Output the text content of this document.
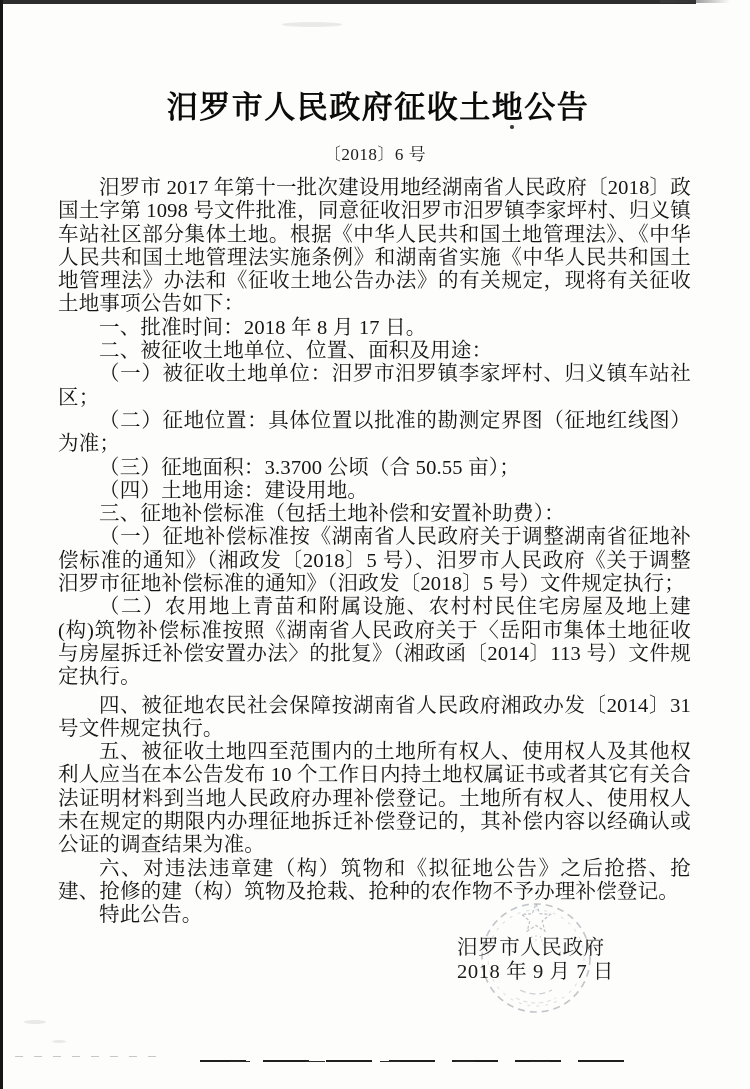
汨罗市人民政府征收土地公告
〔2018〕6 号

汨罗市 2017 年第十一批次建设用地经湖南省人民政府〔2018〕政国土字第 1098 号文件批准，同意征收汨罗市汨罗镇李家坪村、归义镇车站社区部分集体土地。根据《中华人民共和国土地管理法》、《中华人民共和国土地管理法实施条例》和湖南省实施《中华人民共和国土地管理法》办法和《征收土地公告办法》的有关规定，现将有关征收土地事项公告如下：

一、批准时间：2018 年 8 月 17 日。

二、被征收土地单位、位置、面积及用途：

（一）被征收土地单位：汨罗市汨罗镇李家坪村、归义镇车站社区；

（二）征地位置：具体位置以批准的勘测定界图（征地红线图）为准；

（三）征地面积：3.3700 公顷（合 50.55 亩）；

（四）土地用途：建设用地。

三、征地补偿标准（包括土地补偿和安置补助费）：

（一）征地补偿标准按《湖南省人民政府关于调整湖南省征地补偿标准的通知》（湘政发〔2018〕5 号）、汨罗市人民政府《关于调整汨罗市征地补偿标准的通知》（汨政发〔2018〕5 号）文件规定执行；

（二）农用地上青苗和附属设施、农村村民住宅房屋及地上建(构)筑物补偿标准按照《湖南省人民政府关于〈岳阳市集体土地征收与房屋拆迁补偿安置办法〉的批复》（湘政函〔2014〕113 号）文件规定执行。

四、被征地农民社会保障按湖南省人民政府湘政办发〔2014〕31 号文件规定执行。

五、被征收土地四至范围内的土地所有权人、使用权人及其他权利人应当在本公告发布 10 个工作日内持土地权属证书或者其它有关合法证明材料到当地人民政府办理补偿登记。土地所有权人、使用权人未在规定的期限内办理征地拆迁补偿登记的，其补偿内容以经确认或公证的调查结果为准。

六、对违法违章建（构）筑物和《拟征地公告》之后抢搭、抢建、抢修的建（构）筑物及抢栽、抢种的农作物不予办理补偿登记。

特此公告。

汨罗市人民政府
2018 年 9 月 7 日
